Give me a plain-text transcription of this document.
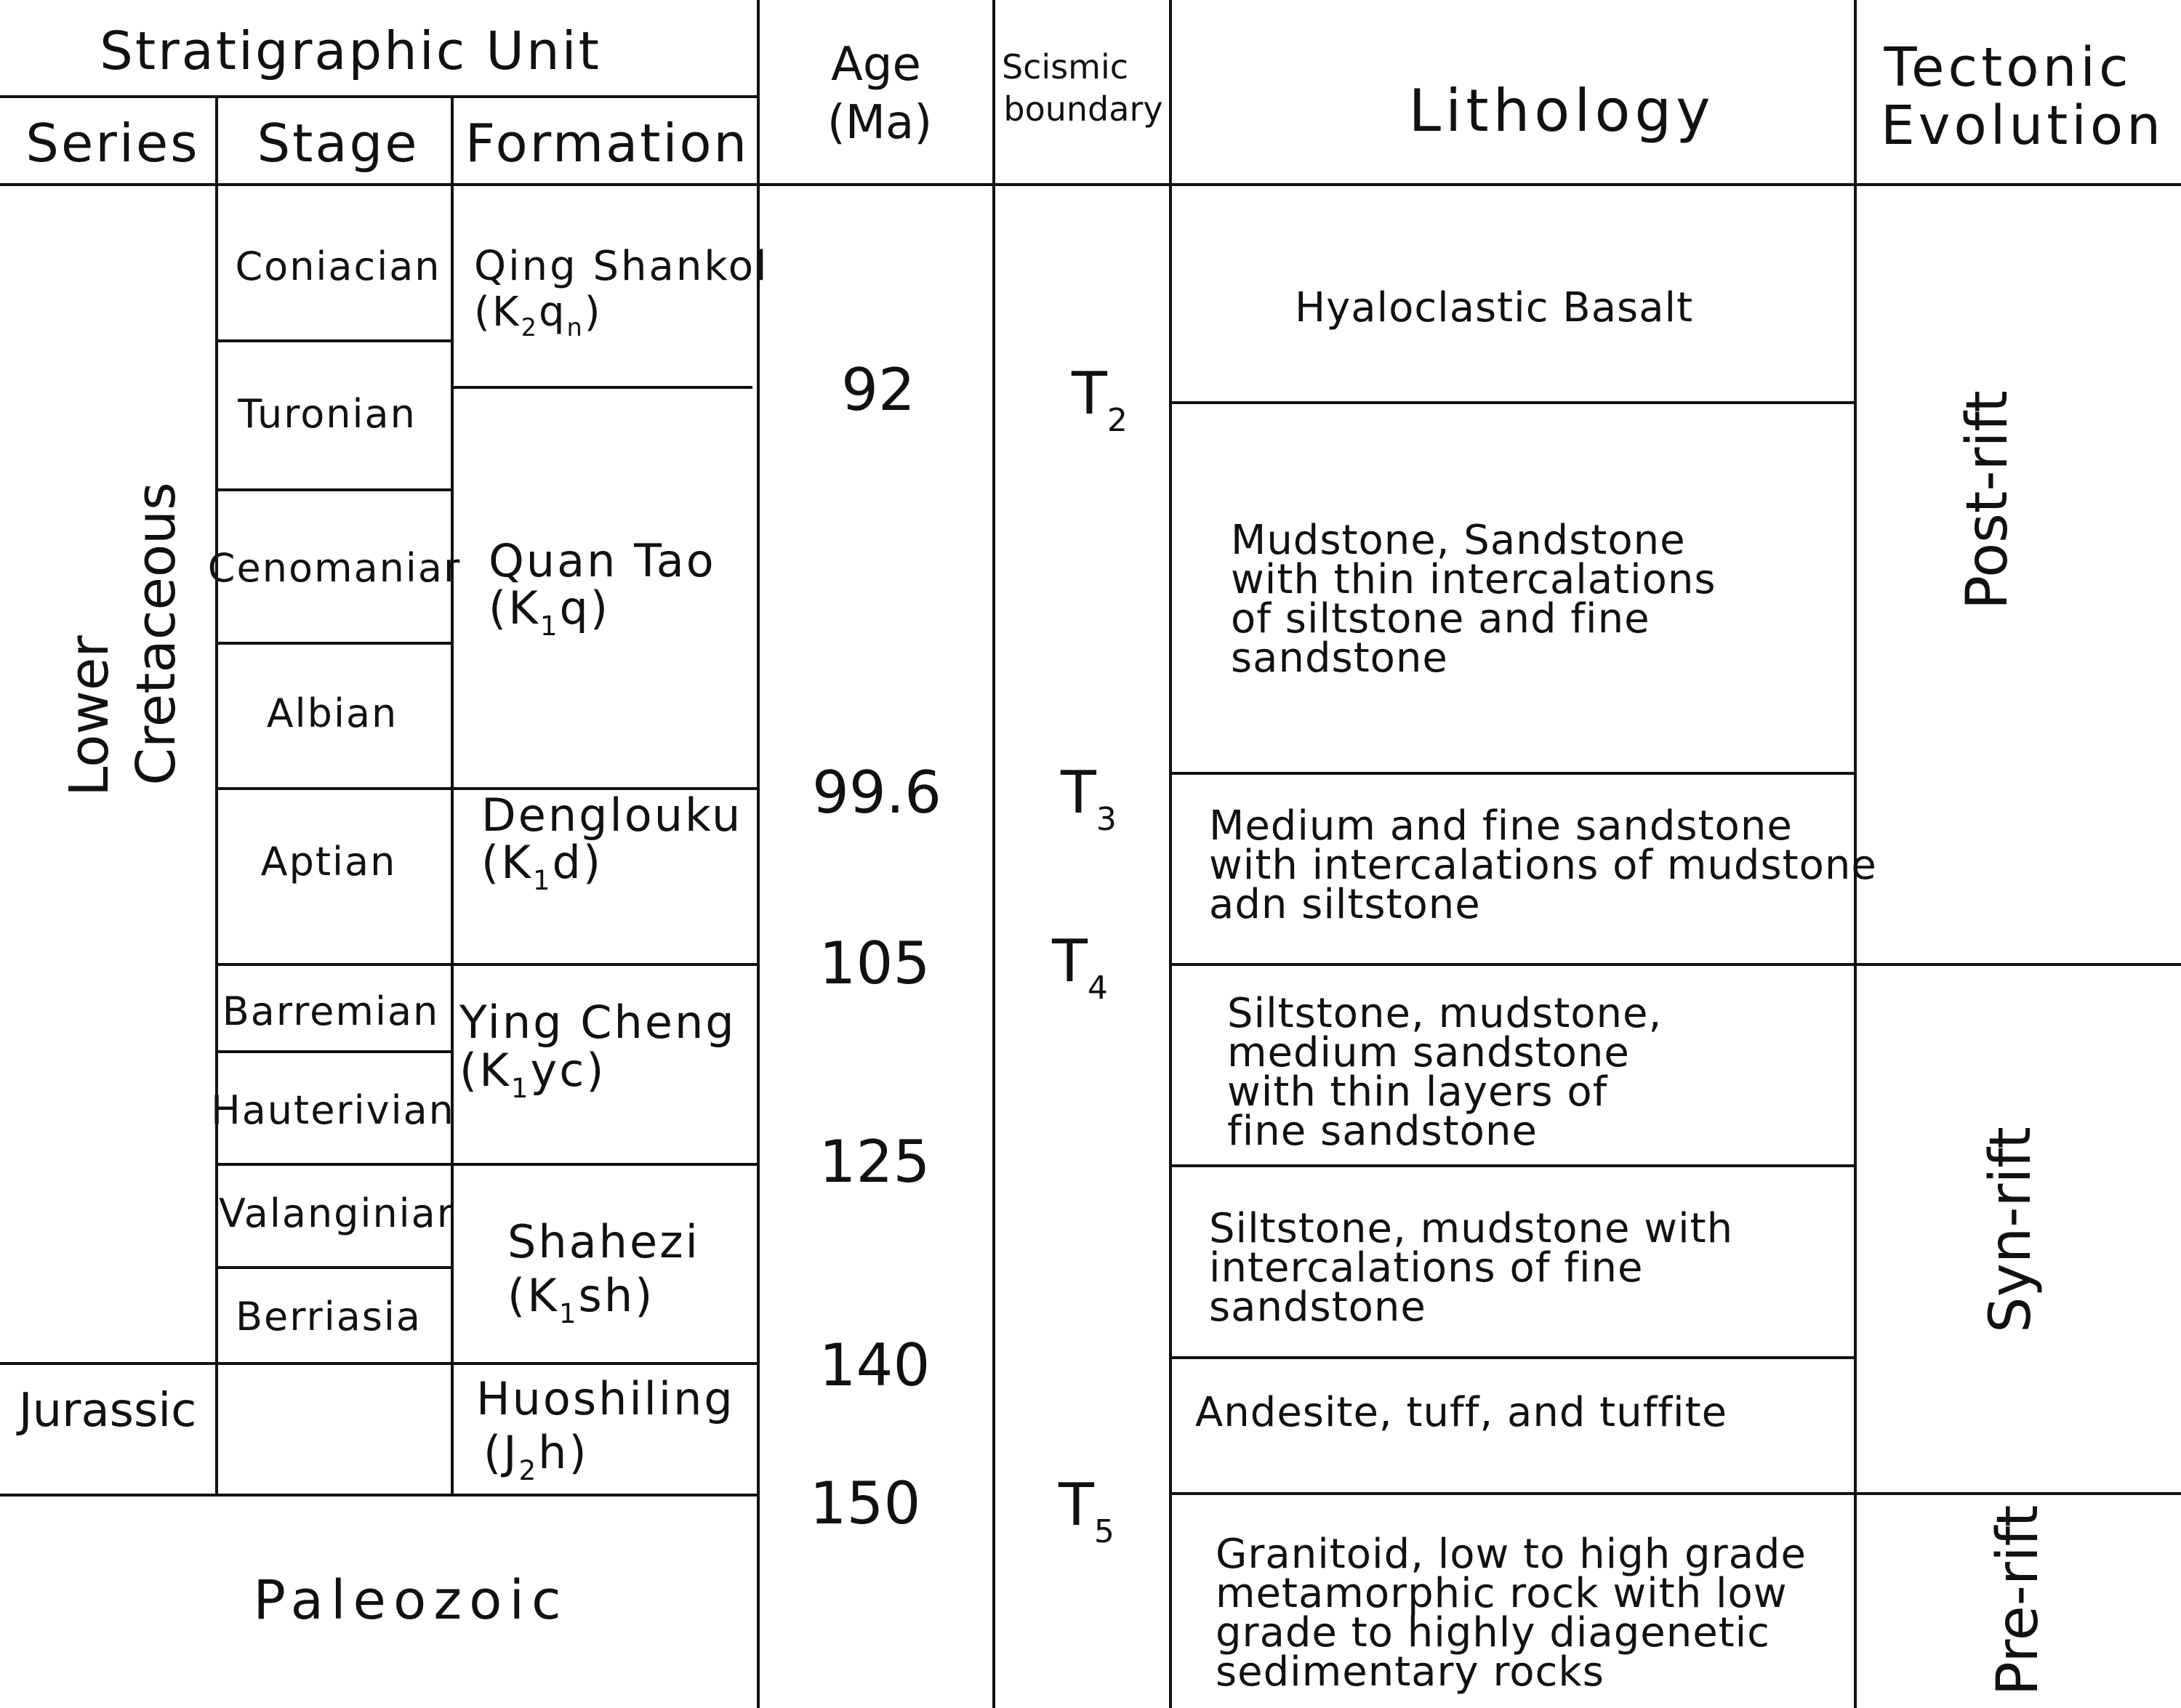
Stratigraphic Unit
Series Stage Formation
Age
(Ma)
Scismic
boundary	Lithology
Tectonic
Evolution
Lower Cretaceous
Jurassic
Paleozoic
Coniacian
Turonian
Cenomaniar
Albian
Aptian
Barremian
Hauterivian
Valanginiar
Berriasia
Qing Shankol
$(K_2q_n)$
Quan Tao
$(K_1q)$
Denglouku
$(K_1d)$
Ying Cheng
$(K_1yc)$
Shahezi
$(K_1sh)$
Huoshiling
$(J_2h)$
92
99.6
105
125
140
150
$T_2$
$T_3$
$T_4$
$T_5$
Hyaloclastic Basalt
Mudstone, Sandstone
with thin intercalations
of siltstone and fine
sandstone
Medium and fine sandstone
with intercalations of mudstone
adn siltstone
Siltstone, mudstone,
medium sandstone
with thin layers of
fine sandstone
Siltstone, mudstone with
intercalations of fine
sandstone
Andesite, tuff, and tuffite
Granitoid, low to high grade
metamorphic rock with low
grade to highly diagenetic
sedimentary rocks
Post-rift
Syn-rift
Pre-rift
